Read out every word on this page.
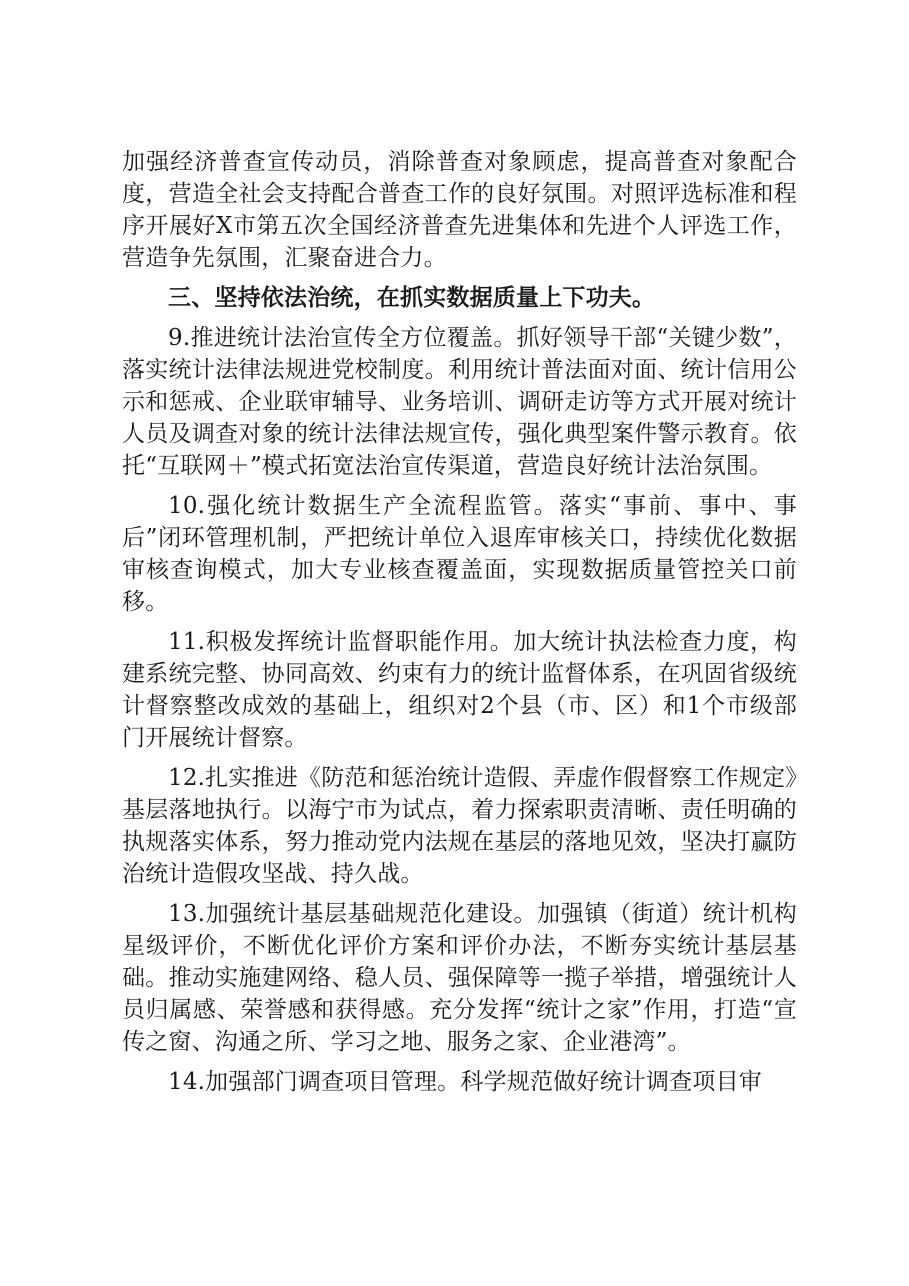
加强经济普查宣传动员，消除普查对象顾虑，提高普查对象配合度，营造全社会支持配合普查工作的良好氛围。对照评选标准和程序开展好X市第五次全国经济普查先进集体和先进个人评选工作，营造争先氛围，汇聚奋进合力。

三、坚持依法治统，在抓实数据质量上下功夫。

9.推进统计法治宣传全方位覆盖。抓好领导干部“关键少数”，落实统计法律法规进党校制度。利用统计普法面对面、统计信用公示和惩戒、企业联审辅导、业务培训、调研走访等方式开展对统计人员及调查对象的统计法律法规宣传，强化典型案件警示教育。依托“互联网＋”模式拓宽法治宣传渠道，营造良好统计法治氛围。

10.强化统计数据生产全流程监管。落实“事前、事中、事后”闭环管理机制，严把统计单位入退库审核关口，持续优化数据审核查询模式，加大专业核查覆盖面，实现数据质量管控关口前移。

11.积极发挥统计监督职能作用。加大统计执法检查力度，构建系统完整、协同高效、约束有力的统计监督体系，在巩固省级统计督察整改成效的基础上，组织对2个县（市、区）和1个市级部门开展统计督察。

12.扎实推进《防范和惩治统计造假、弄虚作假督察工作规定》基层落地执行。以海宁市为试点，着力探索职责清晰、责任明确的执规落实体系，努力推动党内法规在基层的落地见效，坚决打赢防治统计造假攻坚战、持久战。

13.加强统计基层基础规范化建设。加强镇（街道）统计机构星级评价，不断优化评价方案和评价办法，不断夯实统计基层基础。推动实施建网络、稳人员、强保障等一揽子举措，增强统计人员归属感、荣誉感和获得感。充分发挥“统计之家”作用，打造“宣传之窗、沟通之所、学习之地、服务之家、企业港湾”。

14.加强部门调查项目管理。科学规范做好统计调查项目审
